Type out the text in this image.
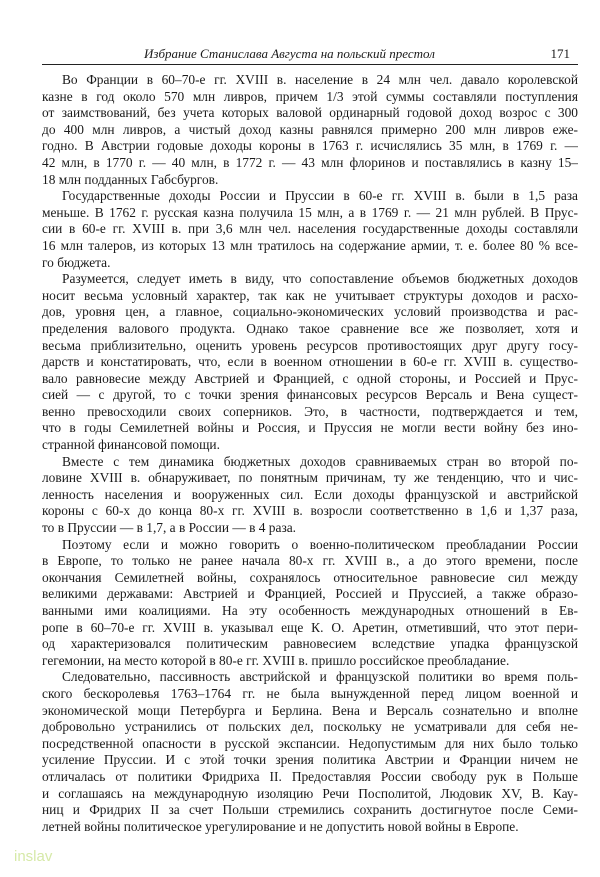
Избрание Станислава Августа на польский престол	171
Во Франции в 60–70-е гг. XVIII в. население в 24 млн чел. давало королевской
казне в год около 570 млн ливров, причем 1/3 этой суммы составляли поступления
от заимствований, без учета которых валовой ординарный годовой доход возрос с 300
до 400 млн ливров, а чистый доход казны равнялся примерно 200 млн ливров еже-
годно. В Австрии годовые доходы короны в 1763 г. исчислялись 35 млн, в 1769 г. —
42 млн, в 1770 г. — 40 млн, в 1772 г. — 43 млн флоринов и поставлялись в казну 15–
18 млн подданных Габсбургов.
Государственные доходы России и Пруссии в 60-е гг. XVIII в. были в 1,5 раза
меньше. В 1762 г. русская казна получила 15 млн, а в 1769 г. — 21 млн рублей. В Прус-
сии в 60-е гг. XVIII в. при 3,6 млн чел. населения государственные доходы составляли
16 млн талеров, из которых 13 млн тратилось на содержание армии, т. е. более 80 % все-
го бюджета.
Разумеется, следует иметь в виду, что сопоставление объемов бюджетных доходов
носит весьма условный характер, так как не учитывает структуры доходов и расхо-
дов, уровня цен, а главное, социально-экономических условий производства и рас-
пределения валового продукта. Однако такое сравнение все же позволяет, хотя и
весьма приблизительно, оценить уровень ресурсов противостоящих друг другу госу-
дарств и констатировать, что, если в военном отношении в 60-е гг. XVIII в. существо-
вало равновесие между Австрией и Францией, с одной стороны, и Россией и Прус-
сией — с другой, то с точки зрения финансовых ресурсов Версаль и Вена сущест-
венно превосходили своих соперников. Это, в частности, подтверждается и тем,
что в годы Семилетней войны и Россия, и Пруссия не могли вести войну без ино-
странной финансовой помощи.
Вместе с тем динамика бюджетных доходов сравниваемых стран во второй по-
ловине XVIII в. обнаруживает, по понятным причинам, ту же тенденцию, что и чис-
ленность населения и вооруженных сил. Если доходы французской и австрийской
короны с 60-х до конца 80-х гг. XVIII в. возросли соответственно в 1,6 и 1,37 раза,
то в Пруссии — в 1,7, а в России — в 4 раза.
Поэтому если и можно говорить о военно-политическом преобладании России
в Европе, то только не ранее начала 80-х гг. XVIII в., а до этого времени, после
окончания Семилетней войны, сохранялось относительное равновесие сил между
великими державами: Австрией и Францией, Россией и Пруссией, а также образо-
ванными ими коалициями. На эту особенность международных отношений в Ев-
ропе в 60–70-е гг. XVIII в. указывал еще К. О. Аретин, отметивший, что этот пери-
од характеризовался политическим равновесием вследствие упадка французской
гегемонии, на место которой в 80-е гг. XVIII в. пришло российское преобладание.
Следовательно, пассивность австрийской и французской политики во время поль-
ского бескоролевья 1763–1764 гг. не была вынужденной перед лицом военной и
экономической мощи Петербурга и Берлина. Вена и Версаль сознательно и вполне
добровольно устранились от польских дел, поскольку не усматривали для себя не-
посредственной опасности в русской экспансии. Недопустимым для них было только
усиление Пруссии. И с этой точки зрения политика Австрии и Франции ничем не
отличалась от политики Фридриха II. Предоставляя России свободу рук в Польше
и соглашаясь на международную изоляцию Речи Посполитой, Людовик XV, В. Кау-
ниц и Фридрих II за счет Польши стремились сохранить достигнутое после Семи-
летней войны политическое урегулирование и не допустить новой войны в Европе.
inslav
